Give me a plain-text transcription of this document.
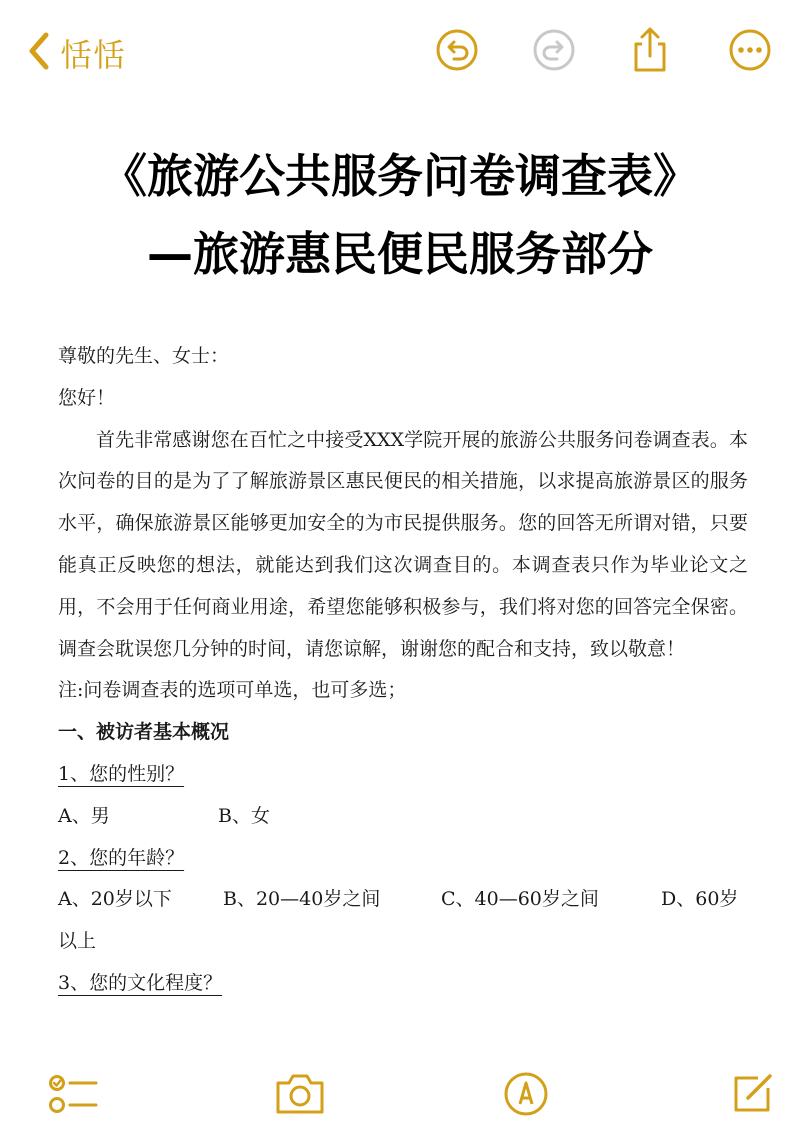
恬恬
《旅游公共服务问卷调查表》
—旅游惠民便民服务部分

尊敬的先生、女士：

您好！

首先非常感谢您在百忙之中接受XXX学院开展的旅游公共服务问卷调查表。本次问卷的目的是为了了解旅游景区惠民便民的相关措施，以求提高旅游景区的服务水平，确保旅游景区能够更加安全的为市民提供服务。您的回答无所谓对错，只要能真正反映您的想法，就能达到我们这次调查目的。本调查表只作为毕业论文之用，不会用于任何商业用途，希望您能够积极参与，我们将对您的回答完全保密。调查会耽误您几分钟的时间，请您谅解，谢谢您的配合和支持，致以敬意！

注:问卷调查表的选项可单选，也可多选；

一、被访者基本概况

1、您的性别？

A、男	B、女

2、您的年龄？

A、20岁以下	B、20—40岁之间	C、40—60岁之间	D、60岁

以上

3、您的文化程度？
